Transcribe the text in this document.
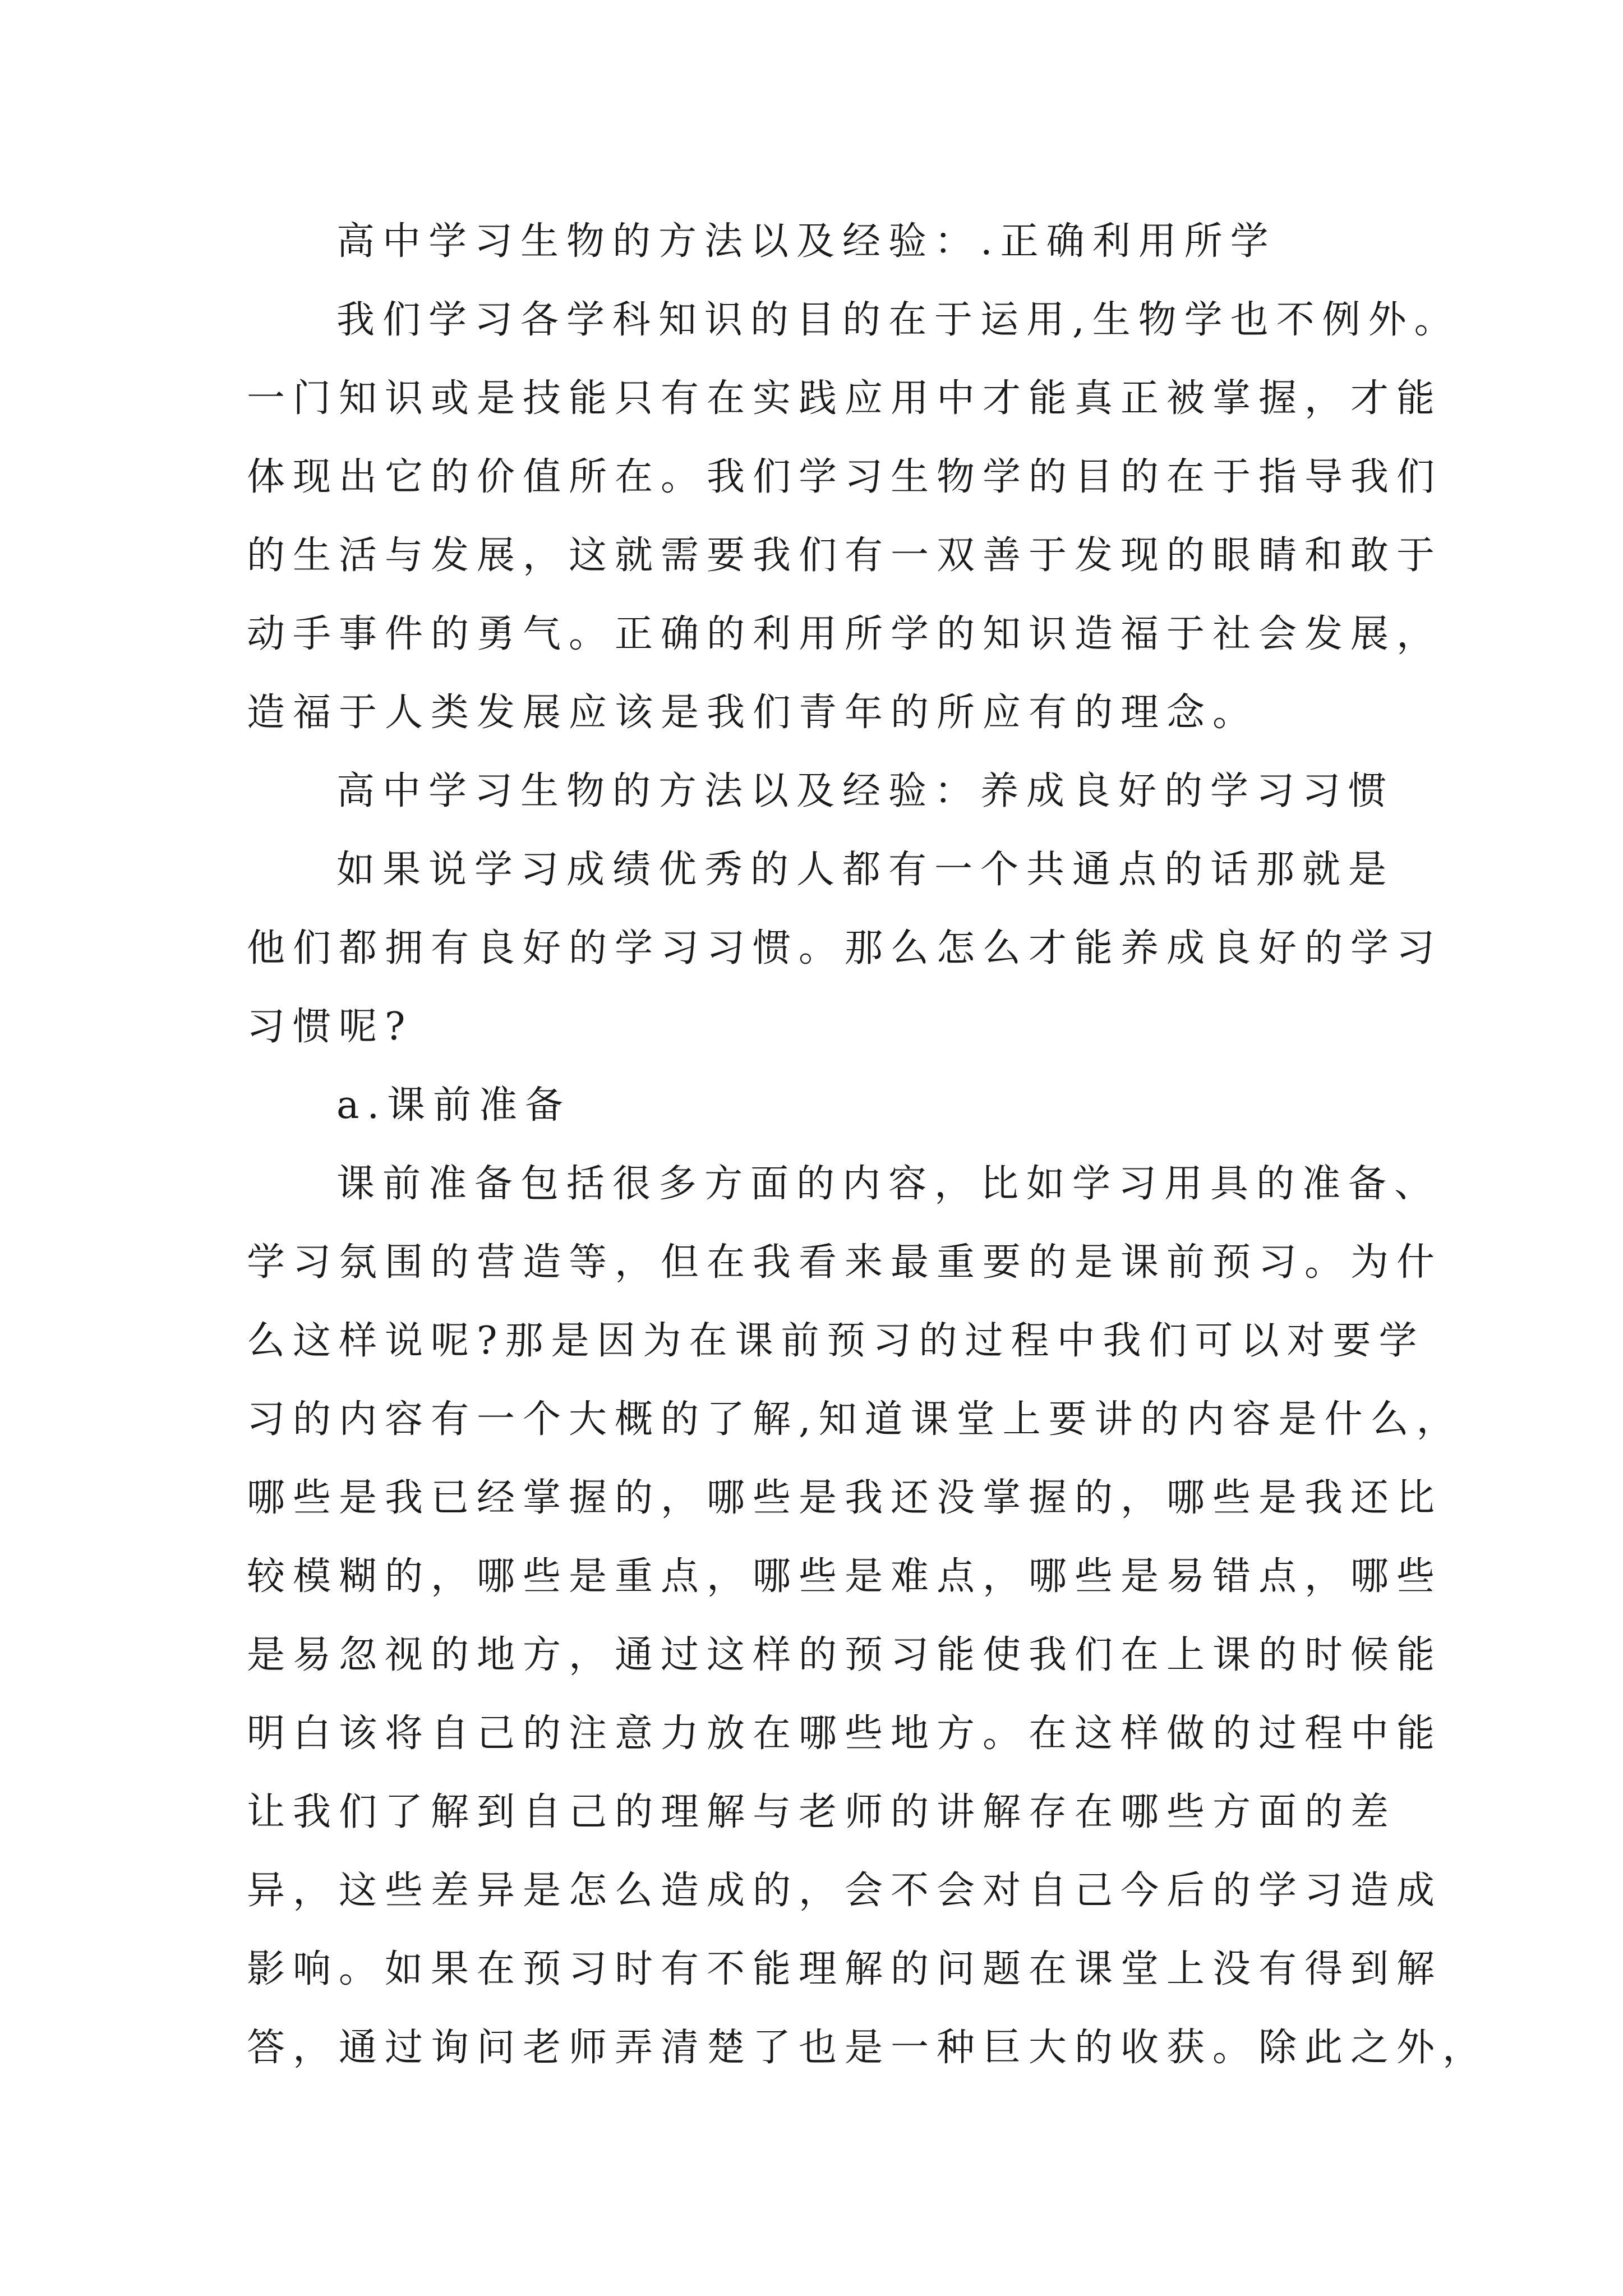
高中学习生物的方法以及经验：.正确利用所学

我们学习各学科知识的目的在于运用,生物学也不例外。

一门知识或是技能只有在实践应用中才能真正被掌握，才能

体现出它的价值所在。我们学习生物学的目的在于指导我们

的生活与发展，这就需要我们有一双善于发现的眼睛和敢于

动手事件的勇气。正确的利用所学的知识造福于社会发展，

造福于人类发展应该是我们青年的所应有的理念。

高中学习生物的方法以及经验：养成良好的学习习惯

如果说学习成绩优秀的人都有一个共通点的话那就是

他们都拥有良好的学习习惯。那么怎么才能养成良好的学习

习惯呢?

a.课前准备

课前准备包括很多方面的内容，比如学习用具的准备、

学习氛围的营造等，但在我看来最重要的是课前预习。为什

么这样说呢?那是因为在课前预习的过程中我们可以对要学

习的内容有一个大概的了解,知道课堂上要讲的内容是什么，

哪些是我已经掌握的，哪些是我还没掌握的，哪些是我还比

较模糊的，哪些是重点，哪些是难点，哪些是易错点，哪些

是易忽视的地方，通过这样的预习能使我们在上课的时候能

明白该将自己的注意力放在哪些地方。在这样做的过程中能

让我们了解到自己的理解与老师的讲解存在哪些方面的差

异，这些差异是怎么造成的，会不会对自己今后的学习造成

影响。如果在预习时有不能理解的问题在课堂上没有得到解

答，通过询问老师弄清楚了也是一种巨大的收获。除此之外，
